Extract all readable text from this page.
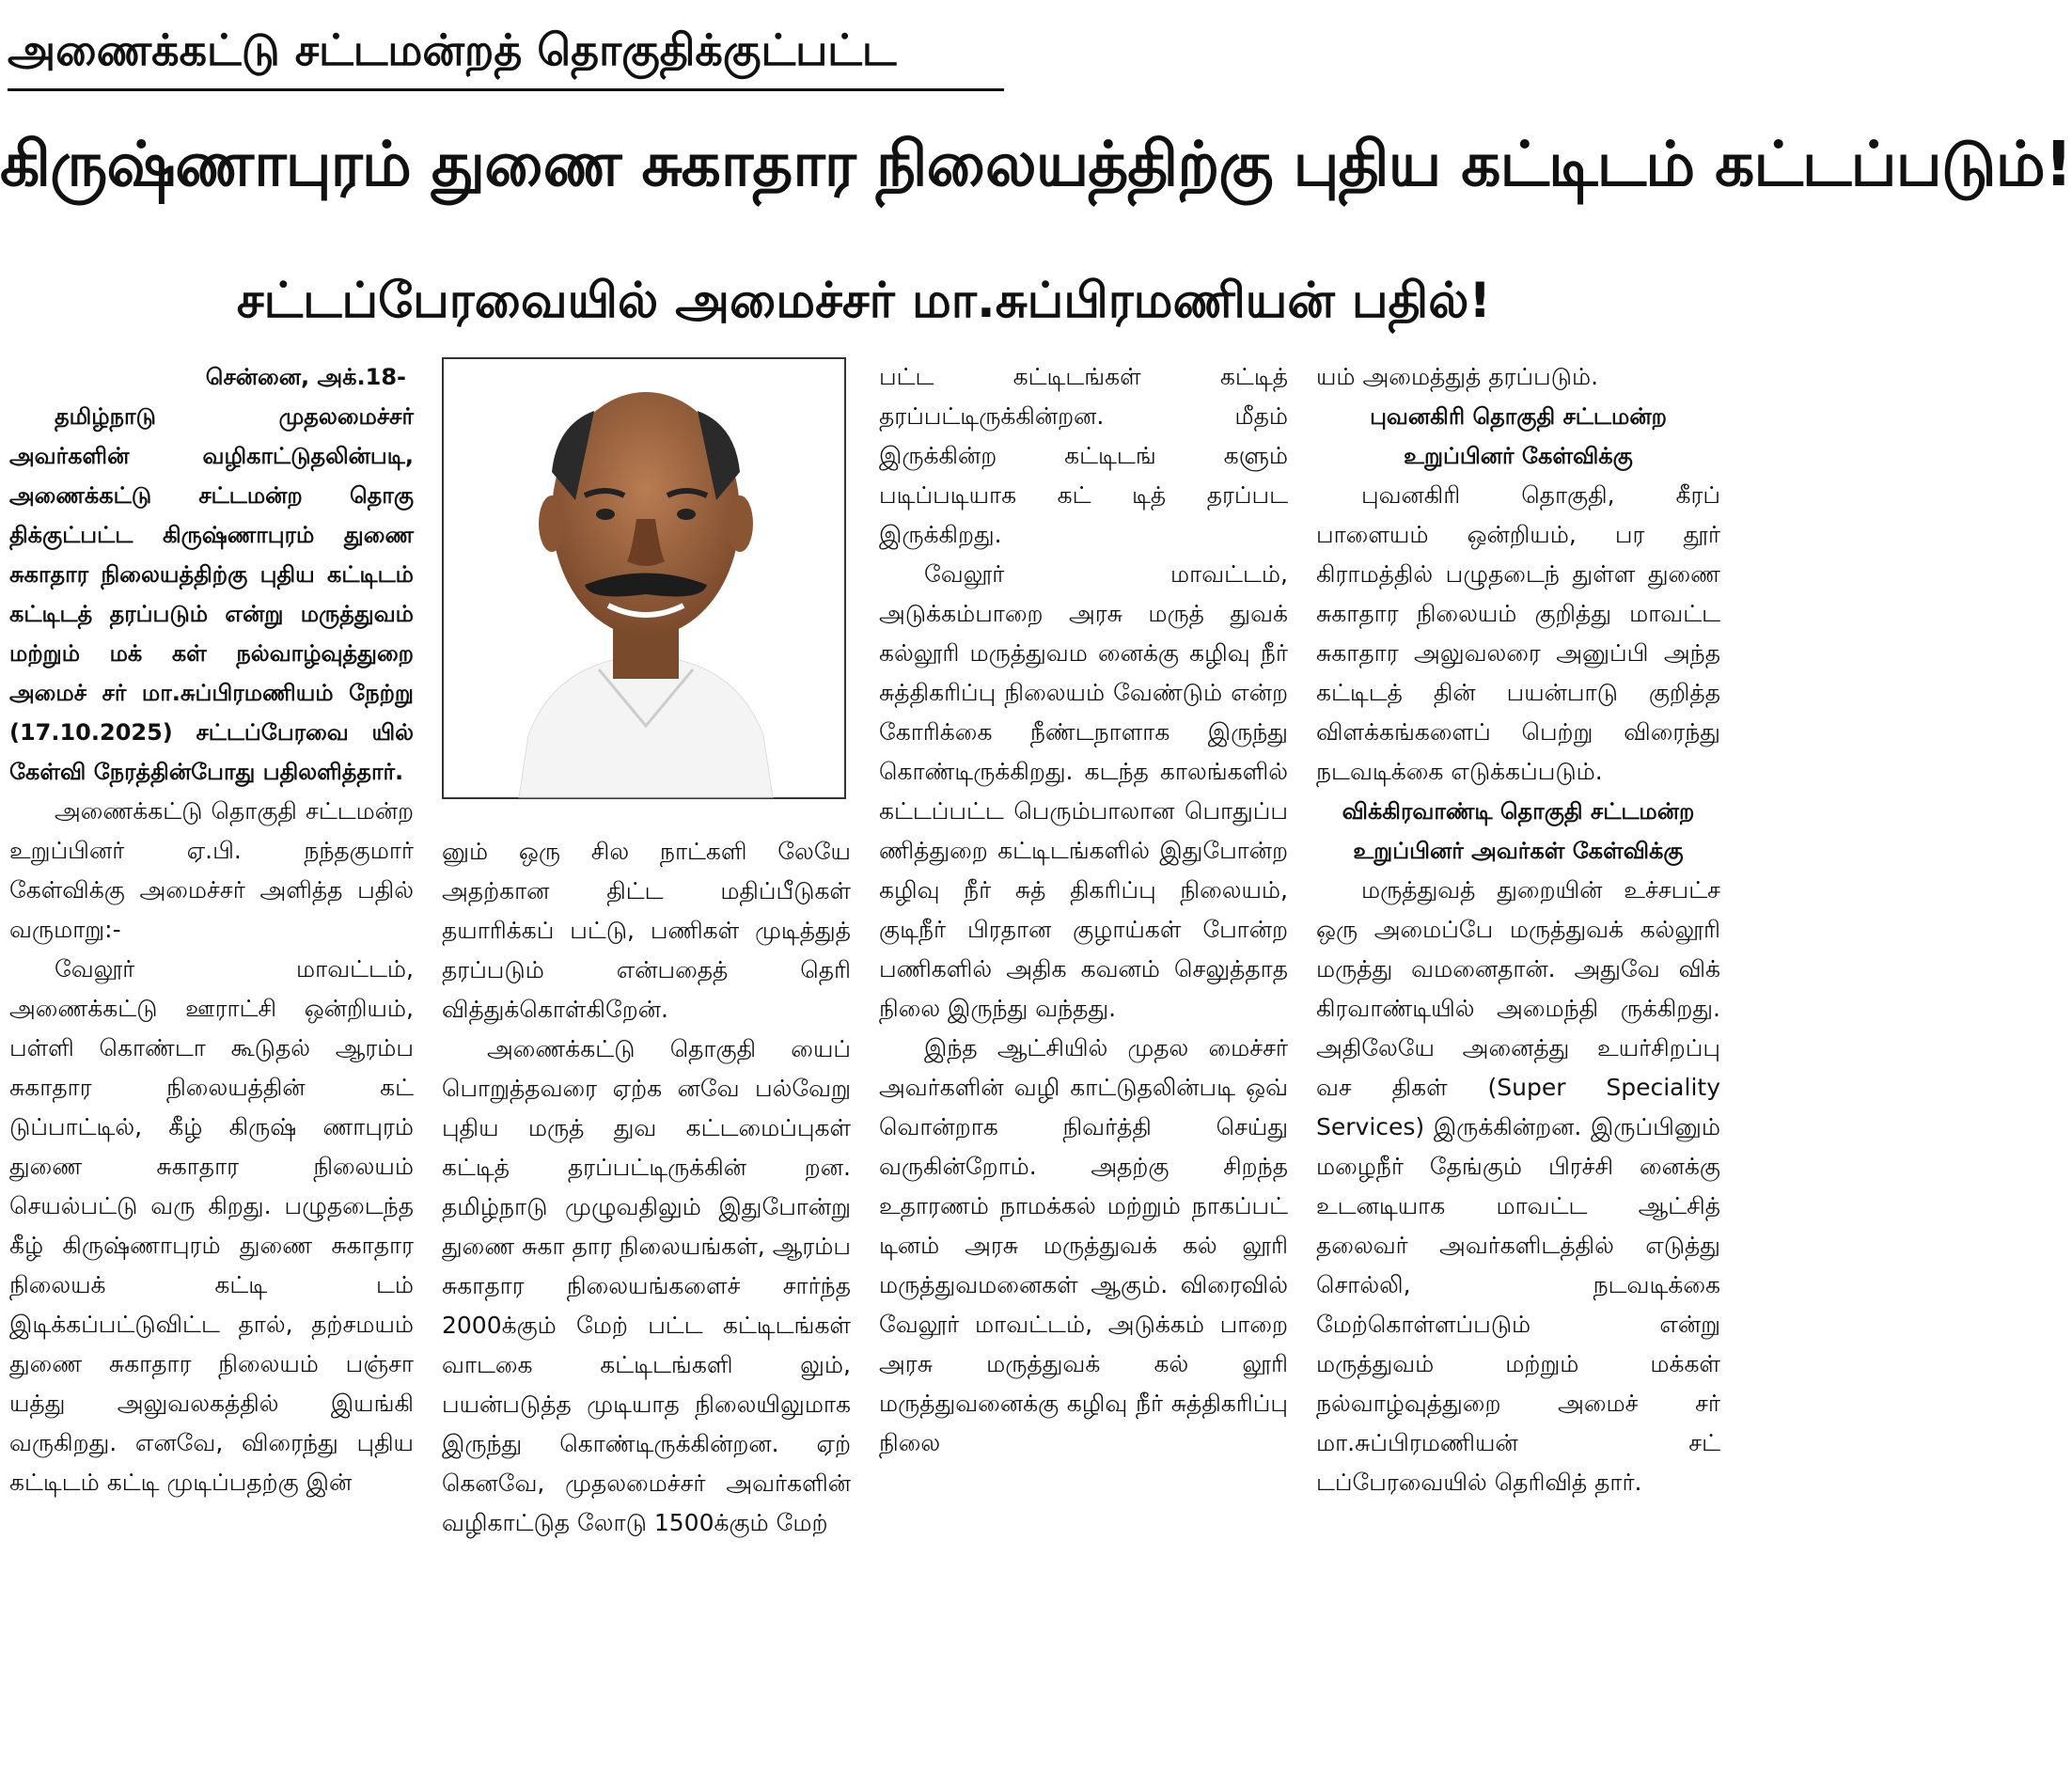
அணைக்கட்டு சட்டமன்றத் தொகுதிக்குட்பட்ட
கிருஷ்ணாபுரம் துணை சுகாதார நிலையத்திற்கு புதிய கட்டிடம் கட்டப்படும்!
சட்டப்பேரவையில் அமைச்சர் மா.சுப்பிரமணியன் பதில்!

சென்னை, அக்.18-

தமிழ்நாடு முதலமைச்சர் அவர்களின் வழிகாட்டுதலின்படி, அணைக்கட்டு சட்டமன்ற தொகு திக்குட்பட்ட கிருஷ்ணாபுரம் துணை சுகாதார நிலையத்திற்கு புதிய கட்டிடம் கட்டிடத் தரப்படும் என்று மருத்துவம் மற்றும் மக் கள் நல்வாழ்வுத்துறை அமைச் சர் மா.சுப்பிரமணியம் நேற்று (17.10.2025) சட்டப்பேரவை யில் கேள்வி நேரத்தின்போது பதிலளித்தார்.

அணைக்கட்டு தொகுதி சட்டமன்ற உறுப்பினர் ஏ.பி. நந்தகுமார் கேள்விக்கு அமைச்சர் அளித்த பதில் வருமாறு:-

வேலூர் மாவட்டம், அணைக்கட்டு ஊராட்சி ஒன்றியம், பள்ளி கொண்டா கூடுதல் ஆரம்ப சுகாதார நிலையத்தின் கட் டுப்பாட்டில், கீழ் கிருஷ் ணாபுரம் துணை சுகாதார நிலையம் செயல்பட்டு வரு கிறது. பழுதடைந்த கீழ் கிருஷ்ணாபுரம் துணை சுகாதார நிலையக் கட்டி டம் இடிக்கப்பட்டுவிட்ட தால், தற்சமயம் துணை சுகாதார நிலையம் பஞ்சா யத்து அலுவலகத்தில் இயங்கி வருகிறது. எனவே, விரைந்து புதிய கட்டிடம் கட்டி முடிப்பதற்கு இன்

னும் ஒரு சில நாட்களி லேயே அதற்கான திட்ட மதிப்பீடுகள் தயாரிக்கப் பட்டு, பணிகள் முடித்துத் தரப்படும் என்பதைத் தெரி வித்துக்கொள்கிறேன்.

அணைக்கட்டு தொகுதி யைப் பொறுத்தவரை ஏற்க னவே பல்வேறு புதிய மருத் துவ கட்டமைப்புகள் கட்டித் தரப்பட்டிருக்கின் றன. தமிழ்நாடு முழுவதிலும் இதுபோன்று துணை சுகா தார நிலையங்கள், ஆரம்ப சுகாதார நிலையங்களைச் சார்ந்த 2000க்கும் மேற் பட்ட கட்டிடங்கள் வாடகை கட்டிடங்களி லும், பயன்படுத்த முடியாத நிலையிலுமாக இருந்து கொண்டிருக்கின்றன. ஏற் கெனவே, முதலமைச்சர் அவர்களின் வழிகாட்டுத லோடு 1500க்கும் மேற்

பட்ட கட்டிடங்கள் கட்டித் தரப்பட்டிருக்கின்றன. மீதம் இருக்கின்ற கட்டிடங் களும் படிப்படியாக கட் டித் தரப்பட இருக்கிறது.

வேலூர் மாவட்டம், அடுக்கம்பாறை அரசு மருத் துவக் கல்லூரி மருத்துவம னைக்கு கழிவு நீர் சுத்திகரிப்பு நிலையம் வேண்டும் என்ற கோரிக்கை நீண்டநாளாக இருந்து கொண்டிருக்கிறது. கடந்த காலங்களில் கட்டப்பட்ட பெரும்பாலான பொதுப்ப ணித்துறை கட்டிடங்களில் இதுபோன்ற கழிவு நீர் சுத் திகரிப்பு நிலையம், குடிநீர் பிரதான குழாய்கள் போன்ற பணிகளில் அதிக கவனம் செலுத்தாத நிலை இருந்து வந்தது.

இந்த ஆட்சியில் முதல மைச்சர் அவர்களின் வழி காட்டுதலின்படி ஒவ் வொன்றாக நிவர்த்தி செய்து வருகின்றோம். அதற்கு சிறந்த உதாரணம் நாமக்கல் மற்றும் நாகப்பட் டினம் அரசு மருத்துவக் கல் லூரி மருத்துவமனைகள் ஆகும். விரைவில் வேலூர் மாவட்டம், அடுக்கம் பாறை அரசு மருத்துவக் கல் லூரி மருத்துவனைக்கு கழிவு நீர் சுத்திகரிப்பு நிலை

யம் அமைத்துத் தரப்படும்.

புவனகிரி தொகுதி சட்டமன்ற உறுப்பினர் கேள்விக்கு

புவனகிரி தொகுதி, கீரப் பாளையம் ஒன்றியம், பர தூர் கிராமத்தில் பழுதடைந் துள்ள துணை சுகாதார நிலையம் குறித்து மாவட்ட சுகாதார அலுவலரை அனுப்பி அந்த கட்டிடத் தின் பயன்பாடு குறித்த விளக்கங்களைப் பெற்று விரைந்து நடவடிக்கை எடுக்கப்படும்.

விக்கிரவாண்டி தொகுதி சட்டமன்ற உறுப்பினர் அவர்கள் கேள்விக்கு

மருத்துவத் துறையின் உச்சபட்ச ஒரு அமைப்பே மருத்துவக் கல்லூரி மருத்து வமனைதான். அதுவே விக் கிரவாண்டியில் அமைந்தி ருக்கிறது. அதிலேயே அனைத்து உயர்சிறப்பு வச திகள் (Super Speciality Services) இருக்கின்றன. இருப்பினும் மழைநீர் தேங்கும் பிரச்சி னைக்கு உடனடியாக மாவட்ட ஆட்சித் தலைவர் அவர்களிடத்தில் எடுத்து சொல்லி, நடவடிக்கை மேற்கொள்ளப்படும் என்று மருத்துவம் மற்றும் மக்கள் நல்வாழ்வுத்துறை அமைச் சர் மா.சுப்பிரமணியன் சட் டப்பேரவையில் தெரிவித் தார்.
